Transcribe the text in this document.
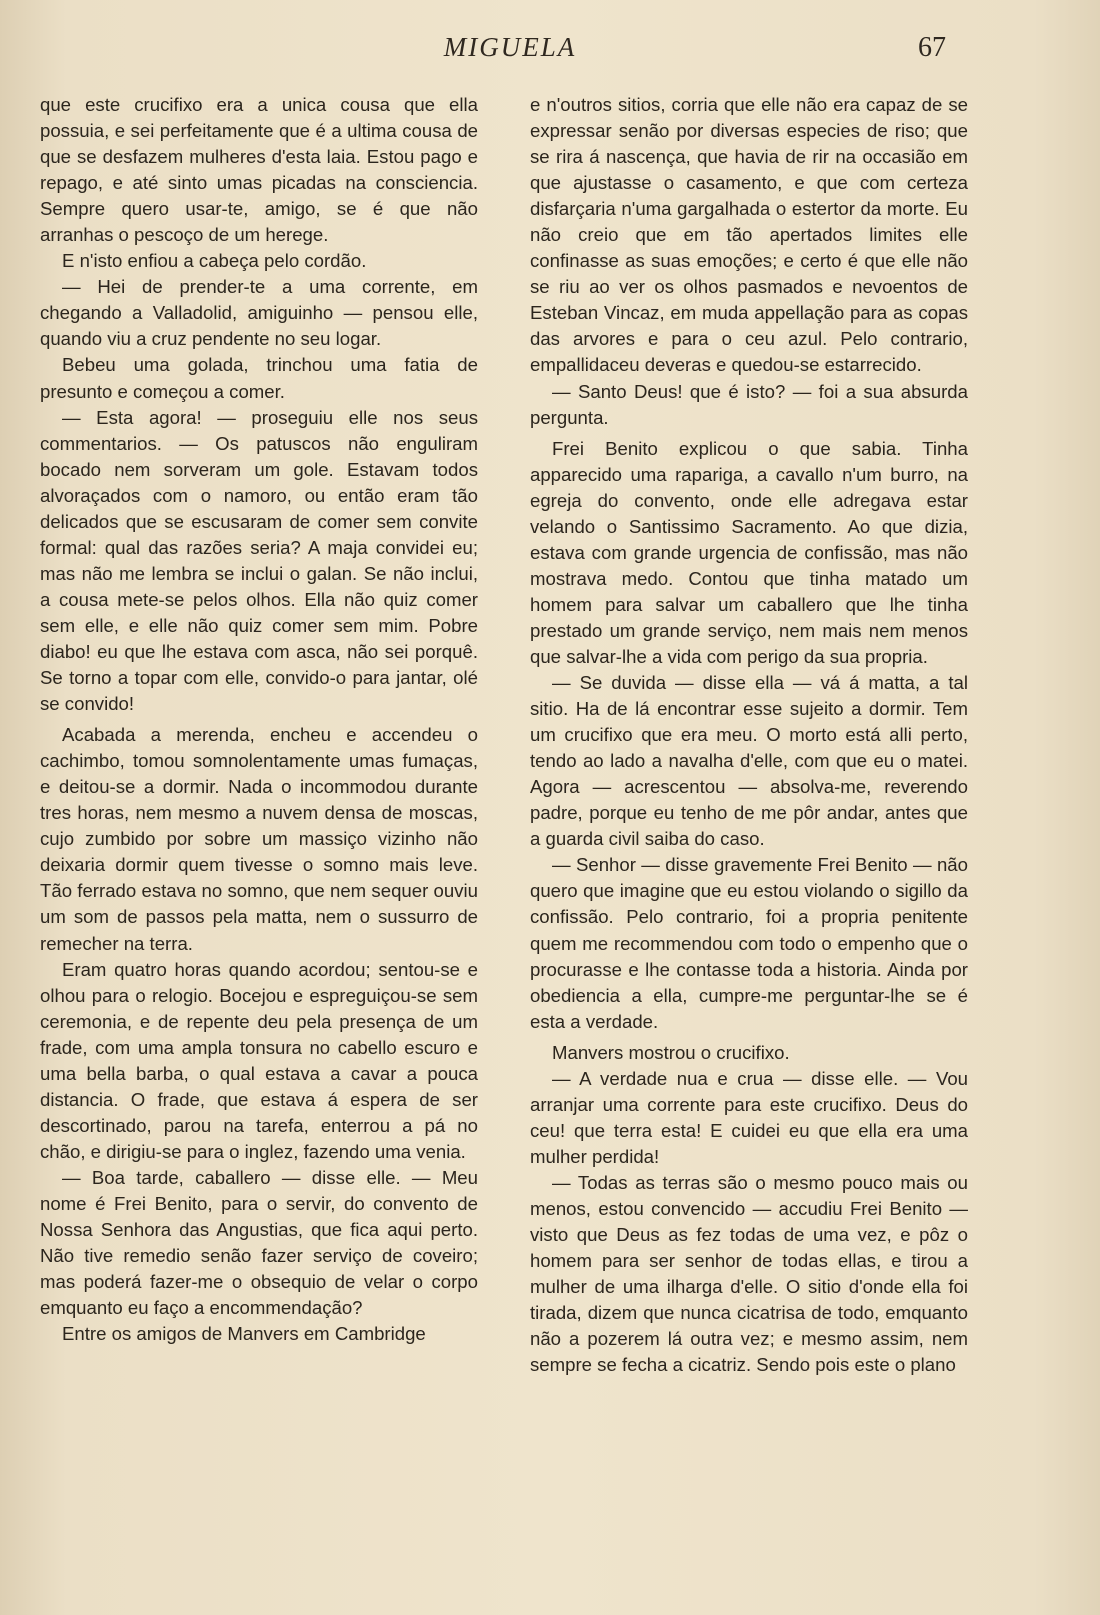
MIGUELA	67

que este crucifixo era a unica cousa que ella possuia, e sei perfeitamente que é a ultima cousa de que se desfazem mulheres d'esta laia. Estou pago e repago, e até sinto umas picadas na consciencia. Sempre quero usar-te, amigo, se é que não arranhas o pescoço de um herege.

E n'isto enfiou a cabeça pelo cordão.

— Hei de prender-te a uma corrente, em chegando a Valladolid, amiguinho — pensou elle, quando viu a cruz pendente no seu logar.

Bebeu uma golada, trinchou uma fatia de presunto e começou a comer.

— Esta agora! — proseguiu elle nos seus commentarios. — Os patuscos não enguliram bocado nem sorveram um gole. Estavam todos alvoraçados com o namoro, ou então eram tão delicados que se escusaram de comer sem convite formal: qual das razões seria? A maja convidei eu; mas não me lembra se inclui o galan. Se não inclui, a cousa mete-se pelos olhos. Ella não quiz comer sem elle, e elle não quiz comer sem mim. Pobre diabo! eu que lhe estava com asca, não sei porquê. Se torno a topar com elle, convido-o para jantar, olé se convido!

Acabada a merenda, encheu e accendeu o cachimbo, tomou somnolentamente umas fumaças, e deitou-se a dormir. Nada o incommodou durante tres horas, nem mesmo a nuvem densa de moscas, cujo zumbido por sobre um massiço vizinho não deixaria dormir quem tivesse o somno mais leve. Tão ferrado estava no somno, que nem sequer ouviu um som de passos pela matta, nem o sussurro de remecher na terra.

Eram quatro horas quando acordou; sentou-se e olhou para o relogio. Bocejou e espreguiçou-se sem ceremonia, e de repente deu pela presença de um frade, com uma ampla tonsura no cabello escuro e uma bella barba, o qual estava a cavar a pouca distancia. O frade, que estava á espera de ser descortinado, parou na tarefa, enterrou a pá no chão, e dirigiu-se para o inglez, fazendo uma venia.

— Boa tarde, caballero — disse elle. — Meu nome é Frei Benito, para o servir, do convento de Nossa Senhora das Angustias, que fica aqui perto. Não tive remedio senão fazer serviço de coveiro; mas poderá fazer-me o obsequio de velar o corpo emquanto eu faço a encommendação?

Entre os amigos de Manvers em Cambridge

e n'outros sitios, corria que elle não era capaz de se expressar senão por diversas especies de riso; que se rira á nascença, que havia de rir na occasião em que ajustasse o casamento, e que com certeza disfarçaria n'uma gargalhada o estertor da morte. Eu não creio que em tão apertados limites elle confinasse as suas emoções; e certo é que elle não se riu ao ver os olhos pasmados e nevoentos de Esteban Vincaz, em muda appellação para as copas das arvores e para o ceu azul. Pelo contrario, empallidaceu deveras e quedou-se estarrecido.

— Santo Deus! que é isto? — foi a sua absurda pergunta.

Frei Benito explicou o que sabia. Tinha apparecido uma rapariga, a cavallo n'um burro, na egreja do convento, onde elle adregava estar velando o Santissimo Sacramento. Ao que dizia, estava com grande urgencia de confissão, mas não mostrava medo. Contou que tinha matado um homem para salvar um caballero que lhe tinha prestado um grande serviço, nem mais nem menos que salvar-lhe a vida com perigo da sua propria.

— Se duvida — disse ella — vá á matta, a tal sitio. Ha de lá encontrar esse sujeito a dormir. Tem um crucifixo que era meu. O morto está alli perto, tendo ao lado a navalha d'elle, com que eu o matei. Agora — acrescentou — absolva-me, reverendo padre, porque eu tenho de me pôr andar, antes que a guarda civil saiba do caso.

— Senhor — disse gravemente Frei Benito — não quero que imagine que eu estou violando o sigillo da confissão. Pelo contrario, foi a propria penitente quem me recommendou com todo o empenho que o procurasse e lhe contasse toda a historia. Ainda por obediencia a ella, cumpre-me perguntar-lhe se é esta a verdade.

Manvers mostrou o crucifixo.

— A verdade nua e crua — disse elle. — Vou arranjar uma corrente para este crucifixo. Deus do ceu! que terra esta! E cuidei eu que ella era uma mulher perdida!

— Todas as terras são o mesmo pouco mais ou menos, estou convencido — accudiu Frei Benito — visto que Deus as fez todas de uma vez, e pôz o homem para ser senhor de todas ellas, e tirou a mulher de uma ilharga d'elle. O sitio d'onde ella foi tirada, dizem que nunca cicatrisa de todo, emquanto não a pozerem lá outra vez; e mesmo assim, nem sempre se fecha a cicatriz. Sendo pois este o plano
